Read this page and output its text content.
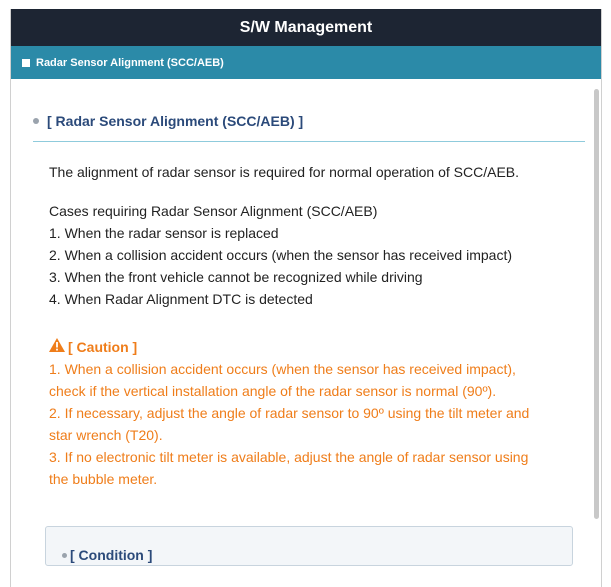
S/W Management
Radar Sensor Alignment (SCC/AEB)
[ Radar Sensor Alignment (SCC/AEB) ]
The alignment of radar sensor is required for normal operation of SCC/AEB.
Cases requiring Radar Sensor Alignment (SCC/AEB)
1. When the radar sensor is replaced
2. When a collision accident occurs (when the sensor has received impact)
3. When the front vehicle cannot be recognized while driving
4. When Radar Alignment DTC is detected
[ Caution ]
1. When a collision accident occurs (when the sensor has received impact),
check if the vertical installation angle of the radar sensor is normal (90º).
2. If necessary, adjust the angle of radar sensor to 90º using the tilt meter and
star wrench (T20).
3. If no electronic tilt meter is available, adjust the angle of radar sensor using
the bubble meter.
[ Condition ]
